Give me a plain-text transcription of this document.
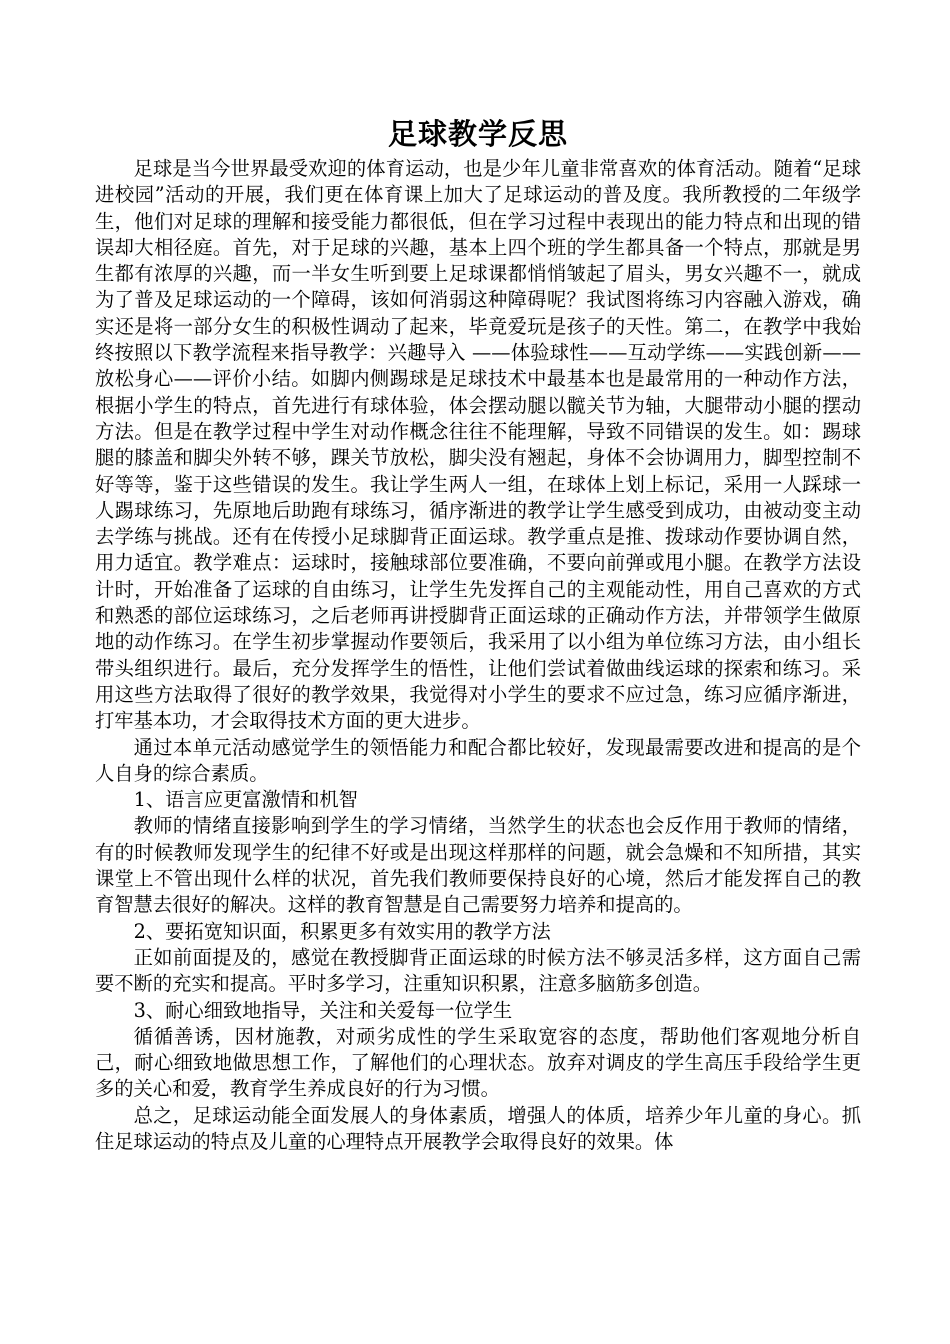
足球教学反思

足球是当今世界最受欢迎的体育运动，也是少年儿童非常喜欢的体育活动。随着“足球进校园”活动的开展，我们更在体育课上加大了足球运动的普及度。我所教授的二年级学生，他们对足球的理解和接受能力都很低，但在学习过程中表现出的能力特点和出现的错误却大相径庭。首先，对于足球的兴趣，基本上四个班的学生都具备一个特点，那就是男生都有浓厚的兴趣，而一半女生听到要上足球课都悄悄皱起了眉头，男女兴趣不一，就成为了普及足球运动的一个障碍，该如何消弱这种障碍呢？我试图将练习内容融入游戏，确实还是将一部分女生的积极性调动了起来，毕竟爱玩是孩子的天性。第二，在教学中我始终按照以下教学流程来指导教学：兴趣导入 ——体验球性——互动学练——实践创新——放松身心——评价小结。如脚内侧踢球是足球技术中最基本也是最常用的一种动作方法，根据小学生的特点，首先进行有球体验，体会摆动腿以髋关节为轴，大腿带动小腿的摆动方法。但是在教学过程中学生对动作概念往往不能理解，导致不同错误的发生。如：踢球腿的膝盖和脚尖外转不够，踝关节放松，脚尖没有翘起，身体不会协调用力，脚型控制不好等等，鉴于这些错误的发生。我让学生两人一组，在球体上划上标记，采用一人踩球一人踢球练习，先原地后助跑有球练习，循序渐进的教学让学生感受到成功，由被动变主动去学练与挑战。还有在传授小足球脚背正面运球。教学重点是推、拨球动作要协调自然，用力适宜。教学难点：运球时，接触球部位要准确，不要向前弹或甩小腿。在教学方法设计时，开始准备了运球的自由练习，让学生先发挥自己的主观能动性，用自己喜欢的方式和熟悉的部位运球练习，之后老师再讲授脚背正面运球的正确动作方法，并带领学生做原地的动作练习。在学生初步掌握动作要领后，我采用了以小组为单位练习方法，由小组长带头组织进行。最后，充分发挥学生的悟性，让他们尝试着做曲线运球的探索和练习。采用这些方法取得了很好的教学效果，我觉得对小学生的要求不应过急，练习应循序渐进，打牢基本功，才会取得技术方面的更大进步。

通过本单元活动感觉学生的领悟能力和配合都比较好，发现最需要改进和提高的是个人自身的综合素质。

1、语言应更富激情和机智

教师的情绪直接影响到学生的学习情绪，当然学生的状态也会反作用于教师的情绪，有的时候教师发现学生的纪律不好或是出现这样那样的问题，就会急燥和不知所措，其实课堂上不管出现什么样的状况，首先我们教师要保持良好的心境，然后才能发挥自己的教育智慧去很好的解决。这样的教育智慧是自己需要努力培养和提高的。

2、要拓宽知识面，积累更多有效实用的教学方法

正如前面提及的，感觉在教授脚背正面运球的时候方法不够灵活多样，这方面自己需要不断的充实和提高。平时多学习，注重知识积累，注意多脑筋多创造。

3、耐心细致地指导，关注和关爱每一位学生

循循善诱，因材施教，对顽劣成性的学生采取宽容的态度，帮助他们客观地分析自己，耐心细致地做思想工作，了解他们的心理状态。放弃对调皮的学生高压手段给学生更多的关心和爱，教育学生养成良好的行为习惯。

总之，足球运动能全面发展人的身体素质，增强人的体质，培养少年儿童的身心。抓住足球运动的特点及儿童的心理特点开展教学会取得良好的效果。体
